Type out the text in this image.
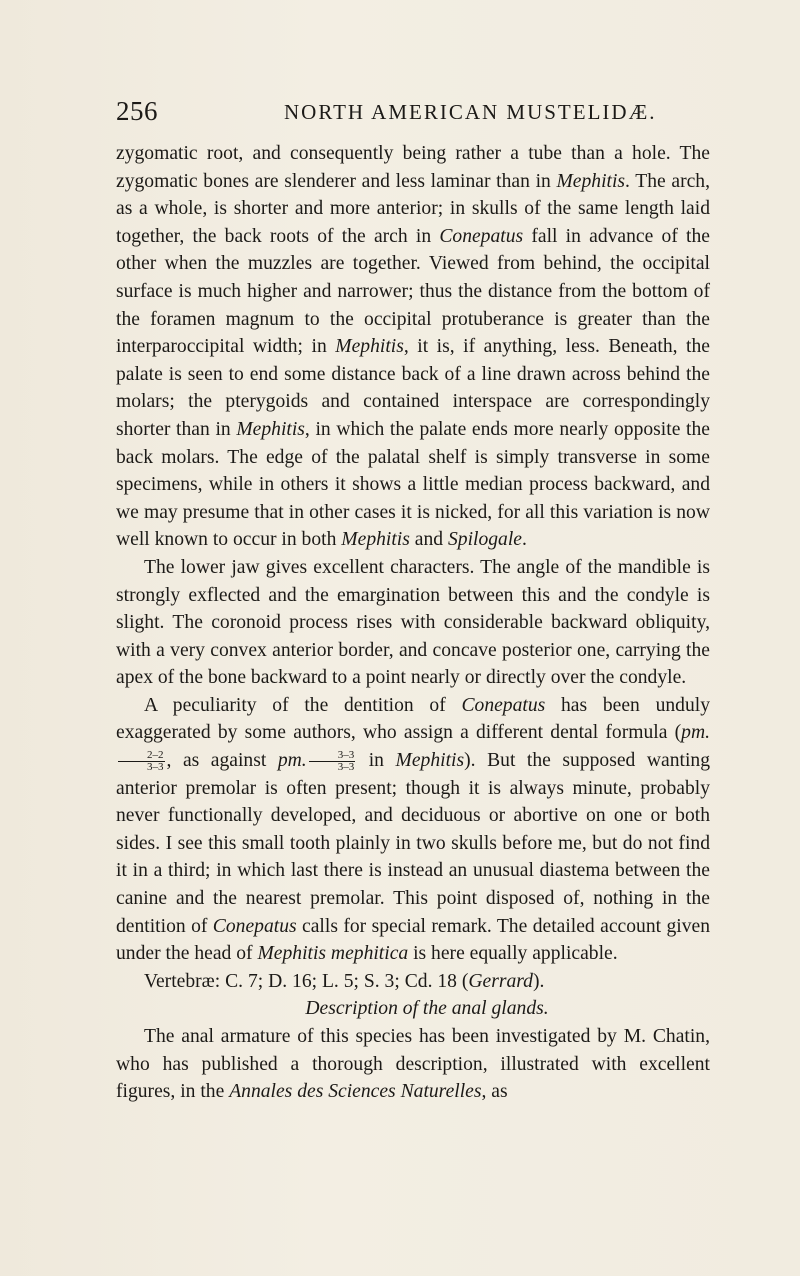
256	NORTH AMERICAN MUSTELIDÆ.

zygomatic root, and consequently being rather a tube than a hole. The zygomatic bones are slenderer and less laminar than in Mephitis. The arch, as a whole, is shorter and more anterior; in skulls of the same length laid together, the back roots of the arch in Conepatus fall in advance of the other when the muzzles are together. Viewed from behind, the occipital surface is much higher and narrower; thus the distance from the bottom of the foramen magnum to the occipital protuberance is greater than the interparoccipital width; in Mephitis, it is, if anything, less. Beneath, the palate is seen to end some distance back of a line drawn across behind the molars; the pterygoids and contained interspace are correspondingly shorter than in Mephitis, in which the palate ends more nearly opposite the back molars. The edge of the palatal shelf is simply transverse in some specimens, while in others it shows a little median process backward, and we may presume that in other cases it is nicked, for all this variation is now well known to occur in both Mephitis and Spilogale.

The lower jaw gives excellent characters. The angle of the mandible is strongly exflected and the emargination between this and the condyle is slight. The coronoid process rises with considerable backward obliquity, with a very convex anterior border, and concave posterior one, carrying the apex of the bone backward to a point nearly or directly over the condyle.

A peculiarity of the dentition of Conepatus has been unduly exaggerated by some authors, who assign a different dental formula (pm.
$\frac{2-2}{3-3}$ , as against pm. $\frac{3-3}{3-3}$ in Mephitis). But the supposed wanting anterior premolar is often present; though it is always minute, probably never functionally developed, and deciduous or abortive on one or both sides. I see this small tooth plainly in two skulls before me, but do not find it in a third; in which last there is instead an unusual diastema between the canine and the nearest premolar. This point disposed of, nothing in the dentition of Conepatus calls for special remark. The detailed account given under the head of Mephitis mephitica is here equally applicable.

Vertebræ: C. 7; D. 16; L. 5; S. 3; Cd. 18 (Gerrard).

Description of the anal glands.

The anal armature of this species has been investigated by M. Chatin, who has published a thorough description, illustrated with excellent figures, in the Annales des Sciences Naturelles, as
